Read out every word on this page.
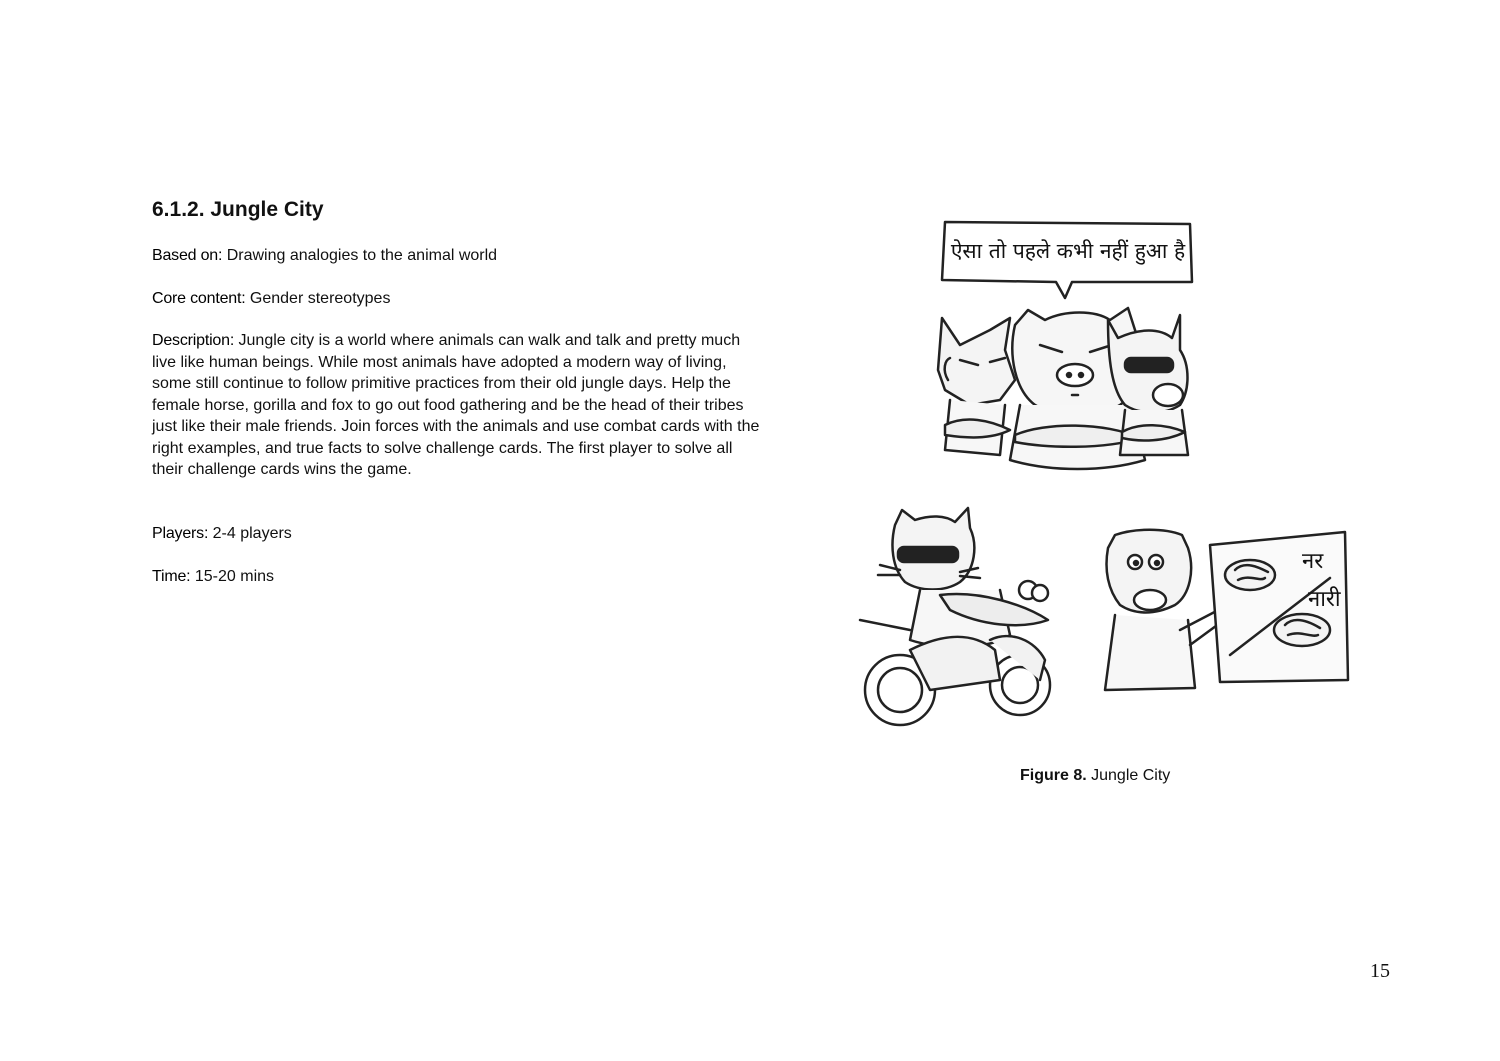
6.1.2. Jungle City

Based on: Drawing analogies to the animal world

Core content: Gender stereotypes

Description: Jungle city is a world where animals can walk and talk and pretty much live like human beings. While most animals have adopted a modern way of living, some still continue to follow primitive practices from their old jungle days. Help the female horse, gorilla and fox to go out food gathering and be the head of their tribes just like their male friends. Join forces with the animals and use combat cards with the right examples, and true facts to solve challenge cards. The first player to solve all their challenge cards wins the game.

Players: 2-4 players

Time: 15-20 mins

ऐसा तो पहले कभी नहीं हुआ है
नर
नारी

Figure 8. Jungle City

15
